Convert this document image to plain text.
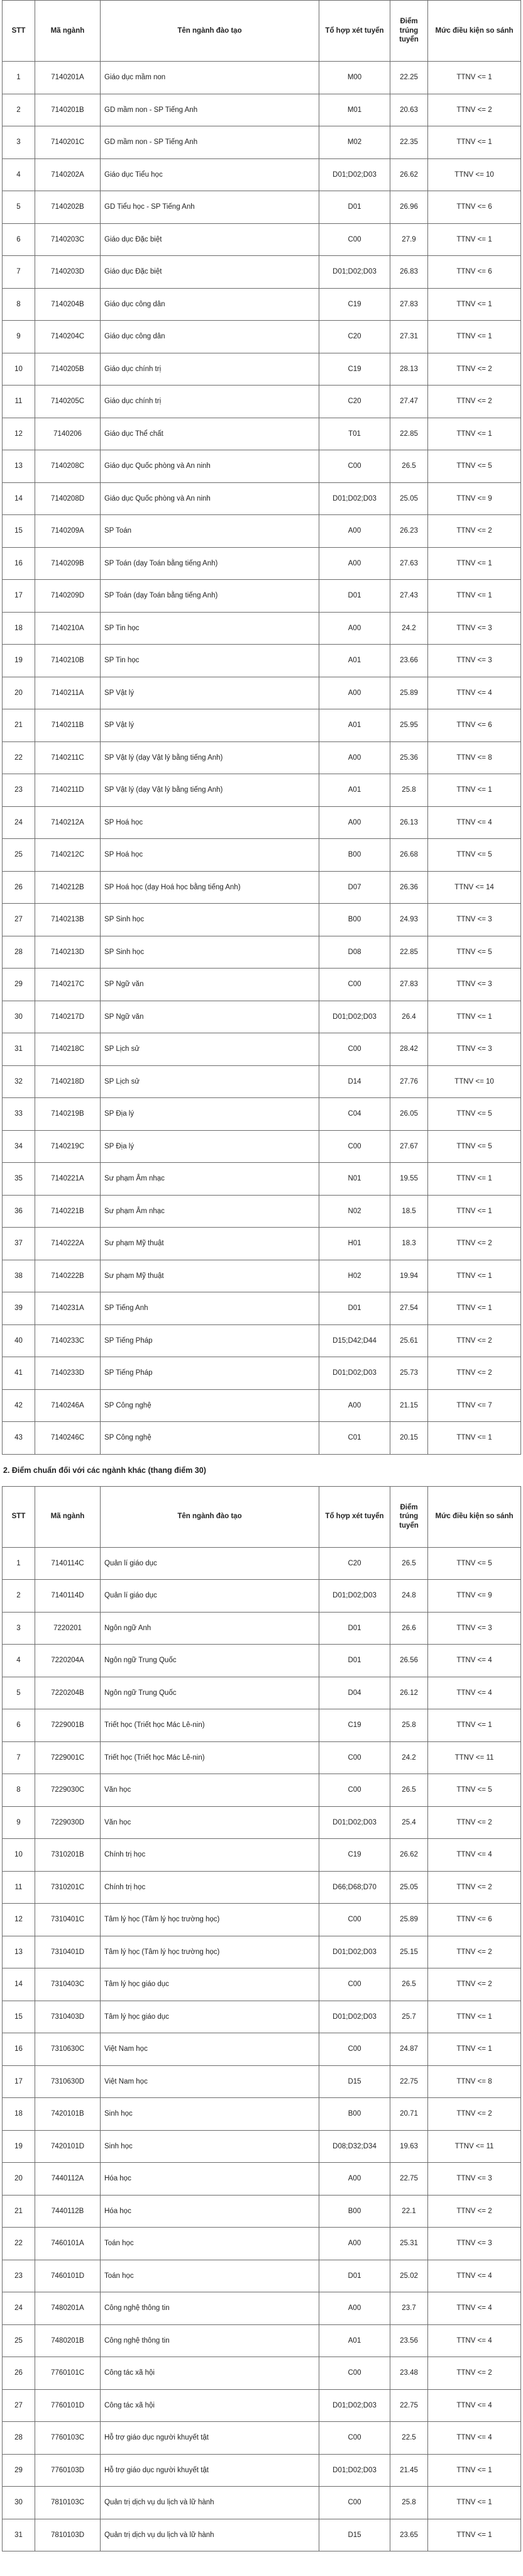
STT	Mã ngành	Tên ngành đào tạo	Tổ hợp xét tuyển	Điểm trúng tuyển	Mức điều kiện so sánh
1	7140201A	Giáo dục mầm non	M00	22.25	TTNV <= 1
2	7140201B	GD mầm non - SP Tiếng Anh	M01	20.63	TTNV <= 2
3	7140201C	GD mầm non - SP Tiếng Anh	M02	22.35	TTNV <= 1
4	7140202A	Giáo dục Tiểu học	D01;D02;D03	26.62	TTNV <= 10
5	7140202B	GD Tiểu học - SP Tiếng Anh	D01	26.96	TTNV <= 6
6	7140203C	Giáo dục Đặc biệt	C00	27.9	TTNV <= 1
7	7140203D	Giáo dục Đặc biệt	D01;D02;D03	26.83	TTNV <= 6
8	7140204B	Giáo dục công dân	C19	27.83	TTNV <= 1
9	7140204C	Giáo dục công dân	C20	27.31	TTNV <= 1
10	7140205B	Giáo dục chính trị	C19	28.13	TTNV <= 2
11	7140205C	Giáo dục chính trị	C20	27.47	TTNV <= 2
12	7140206	Giáo dục Thể chất	T01	22.85	TTNV <= 1
13	7140208C	Giáo dục Quốc phòng và An ninh	C00	26.5	TTNV <= 5
14	7140208D	Giáo dục Quốc phòng và An ninh	D01;D02;D03	25.05	TTNV <= 9
15	7140209A	SP Toán	A00	26.23	TTNV <= 2
16	7140209B	SP Toán (dạy Toán bằng tiếng Anh)	A00	27.63	TTNV <= 1
17	7140209D	SP Toán (dạy Toán bằng tiếng Anh)	D01	27.43	TTNV <= 1
18	7140210A	SP Tin học	A00	24.2	TTNV <= 3
19	7140210B	SP Tin học	A01	23.66	TTNV <= 3
20	7140211A	SP Vật lý	A00	25.89	TTNV <= 4
21	7140211B	SP Vật lý	A01	25.95	TTNV <= 6
22	7140211C	SP Vật lý (dạy Vật lý bằng tiếng Anh)	A00	25.36	TTNV <= 8
23	7140211D	SP Vật lý (dạy Vật lý bằng tiếng Anh)	A01	25.8	TTNV <= 1
24	7140212A	SP Hoá học	A00	26.13	TTNV <= 4
25	7140212C	SP Hoá học	B00	26.68	TTNV <= 5
26	7140212B	SP Hoá học (dạy Hoá học bằng tiếng Anh)	D07	26.36	TTNV <= 14
27	7140213B	SP Sinh học	B00	24.93	TTNV <= 3
28	7140213D	SP Sinh học	D08	22.85	TTNV <= 5
29	7140217C	SP Ngữ văn	C00	27.83	TTNV <= 3
30	7140217D	SP Ngữ văn	D01;D02;D03	26.4	TTNV <= 1
31	7140218C	SP Lịch sử	C00	28.42	TTNV <= 3
32	7140218D	SP Lịch sử	D14	27.76	TTNV <= 10
33	7140219B	SP Địa lý	C04	26.05	TTNV <= 5
34	7140219C	SP Địa lý	C00	27.67	TTNV <= 5
35	7140221A	Sư phạm Âm nhạc	N01	19.55	TTNV <= 1
36	7140221B	Sư phạm Âm nhạc	N02	18.5	TTNV <= 1
37	7140222A	Sư phạm Mỹ thuật	H01	18.3	TTNV <= 2
38	7140222B	Sư phạm Mỹ thuật	H02	19.94	TTNV <= 1
39	7140231A	SP Tiếng Anh	D01	27.54	TTNV <= 1
40	7140233C	SP Tiếng Pháp	D15;D42;D44	25.61	TTNV <= 2
41	7140233D	SP Tiếng Pháp	D01;D02;D03	25.73	TTNV <= 2
42	7140246A	SP Công nghệ	A00	21.15	TTNV <= 7
43	7140246C	SP Công nghệ	C01	20.15	TTNV <= 1
2. Điểm chuẩn đối với các ngành khác (thang điểm 30)
STT	Mã ngành	Tên ngành đào tạo	Tổ hợp xét tuyển	Điểm trúng tuyển	Mức điều kiện so sánh
1	7140114C	Quản lí giáo dục	C20	26.5	TTNV <= 5
2	7140114D	Quản lí giáo dục	D01;D02;D03	24.8	TTNV <= 9
3	7220201	Ngôn ngữ Anh	D01	26.6	TTNV <= 3
4	7220204A	Ngôn ngữ Trung Quốc	D01	26.56	TTNV <= 4
5	7220204B	Ngôn ngữ Trung Quốc	D04	26.12	TTNV <= 4
6	7229001B	Triết học (Triết học Mác Lê-nin)	C19	25.8	TTNV <= 1
7	7229001C	Triết học (Triết học Mác Lê-nin)	C00	24.2	TTNV <= 11
8	7229030C	Văn học	C00	26.5	TTNV <= 5
9	7229030D	Văn học	D01;D02;D03	25.4	TTNV <= 2
10	7310201B	Chính trị học	C19	26.62	TTNV <= 4
11	7310201C	Chính trị học	D66;D68;D70	25.05	TTNV <= 2
12	7310401C	Tâm lý học (Tâm lý học trường học)	C00	25.89	TTNV <= 6
13	7310401D	Tâm lý học (Tâm lý học trường học)	D01;D02;D03	25.15	TTNV <= 2
14	7310403C	Tâm lý học giáo dục	C00	26.5	TTNV <= 2
15	7310403D	Tâm lý học giáo dục	D01;D02;D03	25.7	TTNV <= 1
16	7310630C	Việt Nam học	C00	24.87	TTNV <= 1
17	7310630D	Việt Nam học	D15	22.75	TTNV <= 8
18	7420101B	Sinh học	B00	20.71	TTNV <= 2
19	7420101D	Sinh học	D08;D32;D34	19.63	TTNV <= 11
20	7440112A	Hóa học	A00	22.75	TTNV <= 3
21	7440112B	Hóa học	B00	22.1	TTNV <= 2
22	7460101A	Toán học	A00	25.31	TTNV <= 3
23	7460101D	Toán học	D01	25.02	TTNV <= 4
24	7480201A	Công nghệ thông tin	A00	23.7	TTNV <= 4
25	7480201B	Công nghệ thông tin	A01	23.56	TTNV <= 4
26	7760101C	Công tác xã hội	C00	23.48	TTNV <= 2
27	7760101D	Công tác xã hội	D01;D02;D03	22.75	TTNV <= 4
28	7760103C	Hỗ trợ giáo dục người khuyết tật	C00	22.5	TTNV <= 4
29	7760103D	Hỗ trợ giáo dục người khuyết tật	D01;D02;D03	21.45	TTNV <= 1
30	7810103C	Quản trị dịch vụ du lịch và lữ hành	C00	25.8	TTNV <= 1
31	7810103D	Quản trị dịch vụ du lịch và lữ hành	D15	23.65	TTNV <= 1
